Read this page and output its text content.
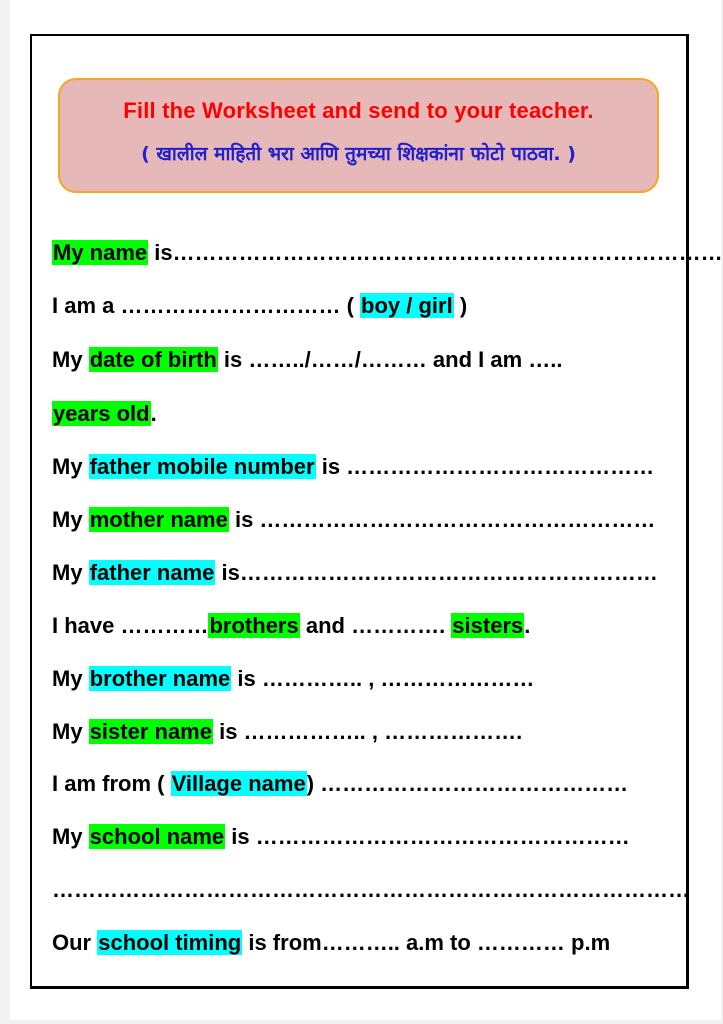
Fill the Worksheet and send to your teacher.
( खालील माहिती भरा आणि तुमच्या शिक्षकांना फोटो पाठवा. )
My name is…………………………………………………………………
I am a ………………………… ( boy / girl )
My date of birth is ……../……/……… and I am …..
years old.
My father mobile number is ……………………………………
My mother name is ………………………………………………
My father name is…………………………………………………
I have …………brothers and …………. sisters.
My brother name is ………….. , …………………
My sister name is …………….. , ……………….
I am from ( Village name) ……………………………………
My school name is ……………………………………………
……………………………………………………………………………
Our school timing is from……….. a.m to ………… p.m
